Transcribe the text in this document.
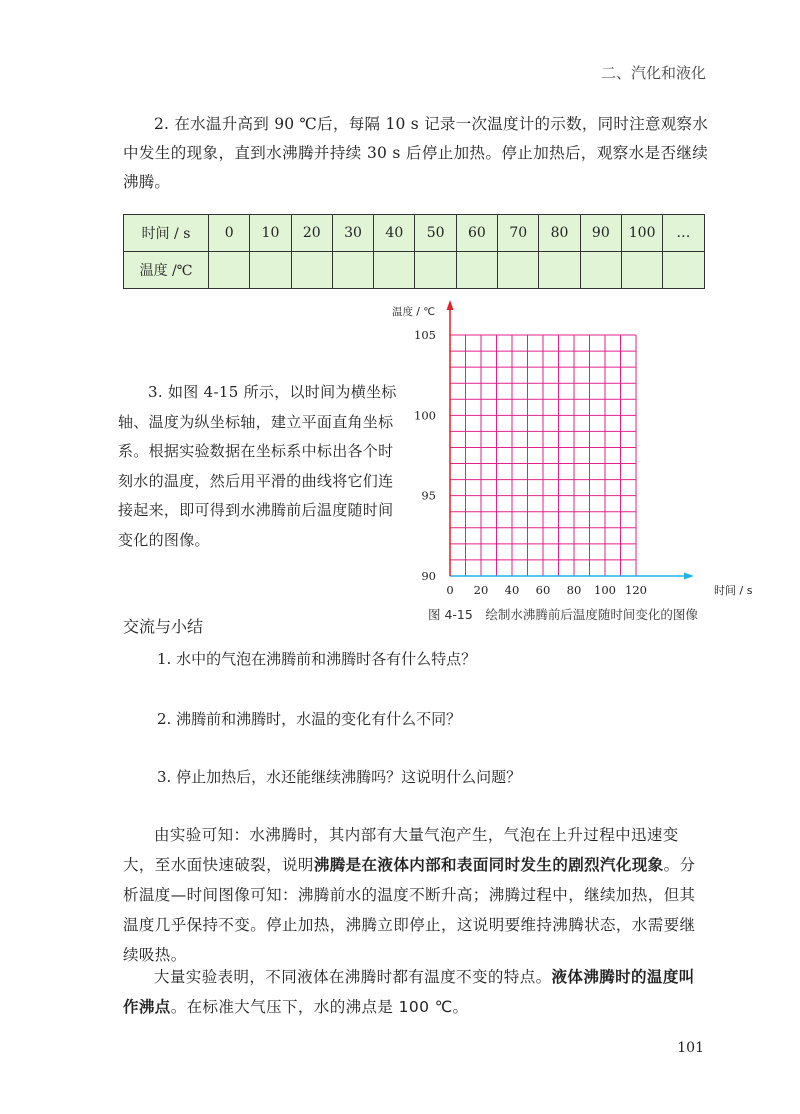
二、汽化和液化
2. 在水温升高到 90 ℃后，每隔 10 s 记录一次温度计的示数，同时注意观察水中发生的现象，直到水沸腾并持续 30 s 后停止加热。停止加热后，观察水是否继续沸腾。
时间 / s	0	10	20	30	40	50	60	70	80	90	100	…
温度 /℃												
3. 如图 4-15 所示，以时间为横坐标轴、温度为纵坐标轴，建立平面直角坐标系。根据实验数据在坐标系中标出各个时刻水的温度，然后用平滑的曲线将它们连接起来，即可得到水沸腾前后温度随时间变化的图像。
0 20 40 60 80 100 120
90
95
100
105
温度 / ℃
时间 / s
图 4-15　绘制水沸腾前后温度随时间变化的图像
交流与小结
1. 水中的气泡在沸腾前和沸腾时各有什么特点？
2. 沸腾前和沸腾时，水温的变化有什么不同？
3. 停止加热后，水还能继续沸腾吗？这说明什么问题？
由实验可知：水沸腾时，其内部有大量气泡产生，气泡在上升过程中迅速变大，至水面快速破裂，说明沸腾是在液体内部和表面同时发生的剧烈汽化现象。分析温度—时间图像可知：沸腾前水的温度不断升高；沸腾过程中，继续加热，但其温度几乎保持不变。停止加热，沸腾立即停止，这说明要维持沸腾状态，水需要继续吸热。
大量实验表明，不同液体在沸腾时都有温度不变的特点。液体沸腾时的温度叫作沸点。在标准大气压下，水的沸点是 100 ℃。
101
